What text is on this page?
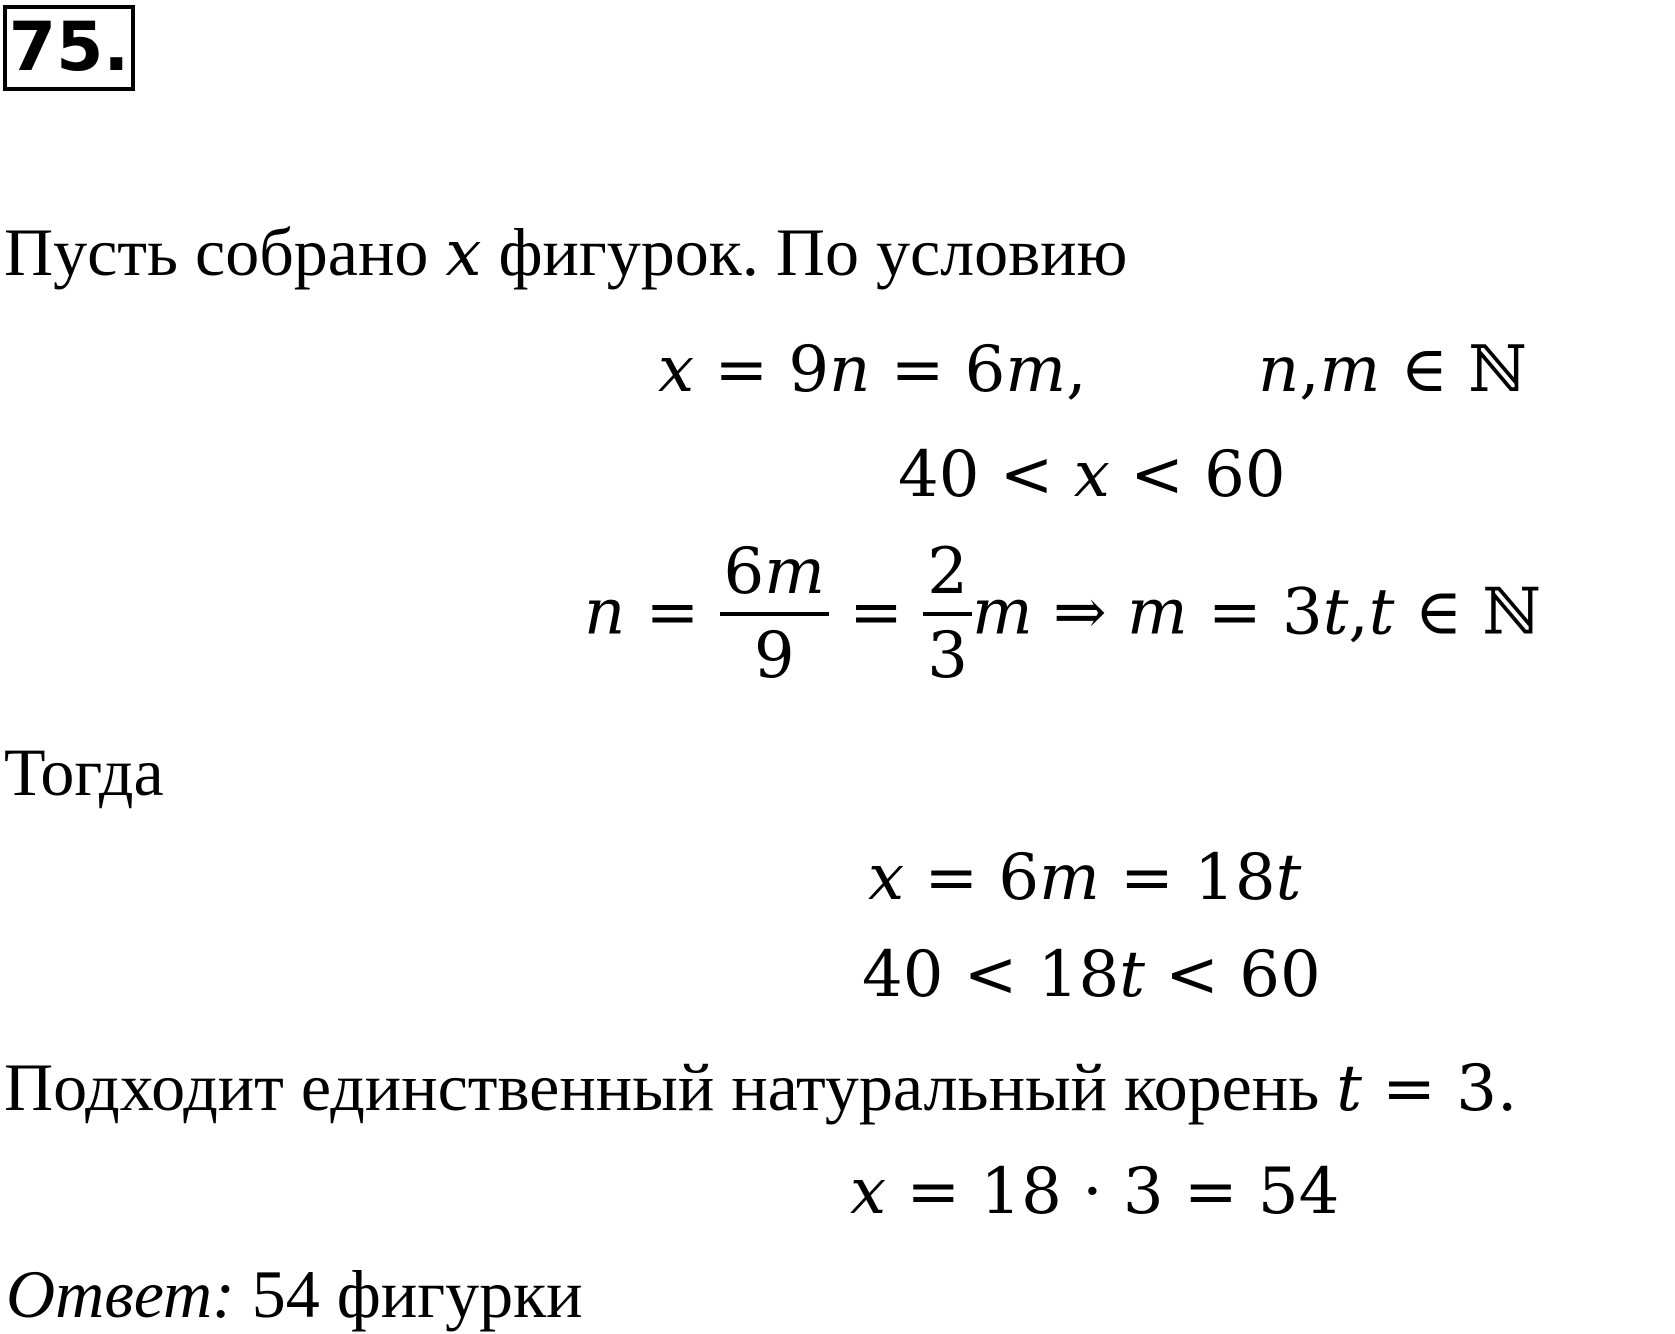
75.
Пусть собрано x фигурок. По условию
x = 9n = 6m,	n,m ∈ ℕ
40 < x < 60
$n = \frac{6m}{9} = \frac{2}{3}$ m ⇒ m = 3t,t ∈ ℕ
Тогда
x = 6m = 18t
40 < 18t < 60
Подходит единственный натуральный корень t = 3.
x = 18 · 3 = 54
Ответ: 54 фигурки
